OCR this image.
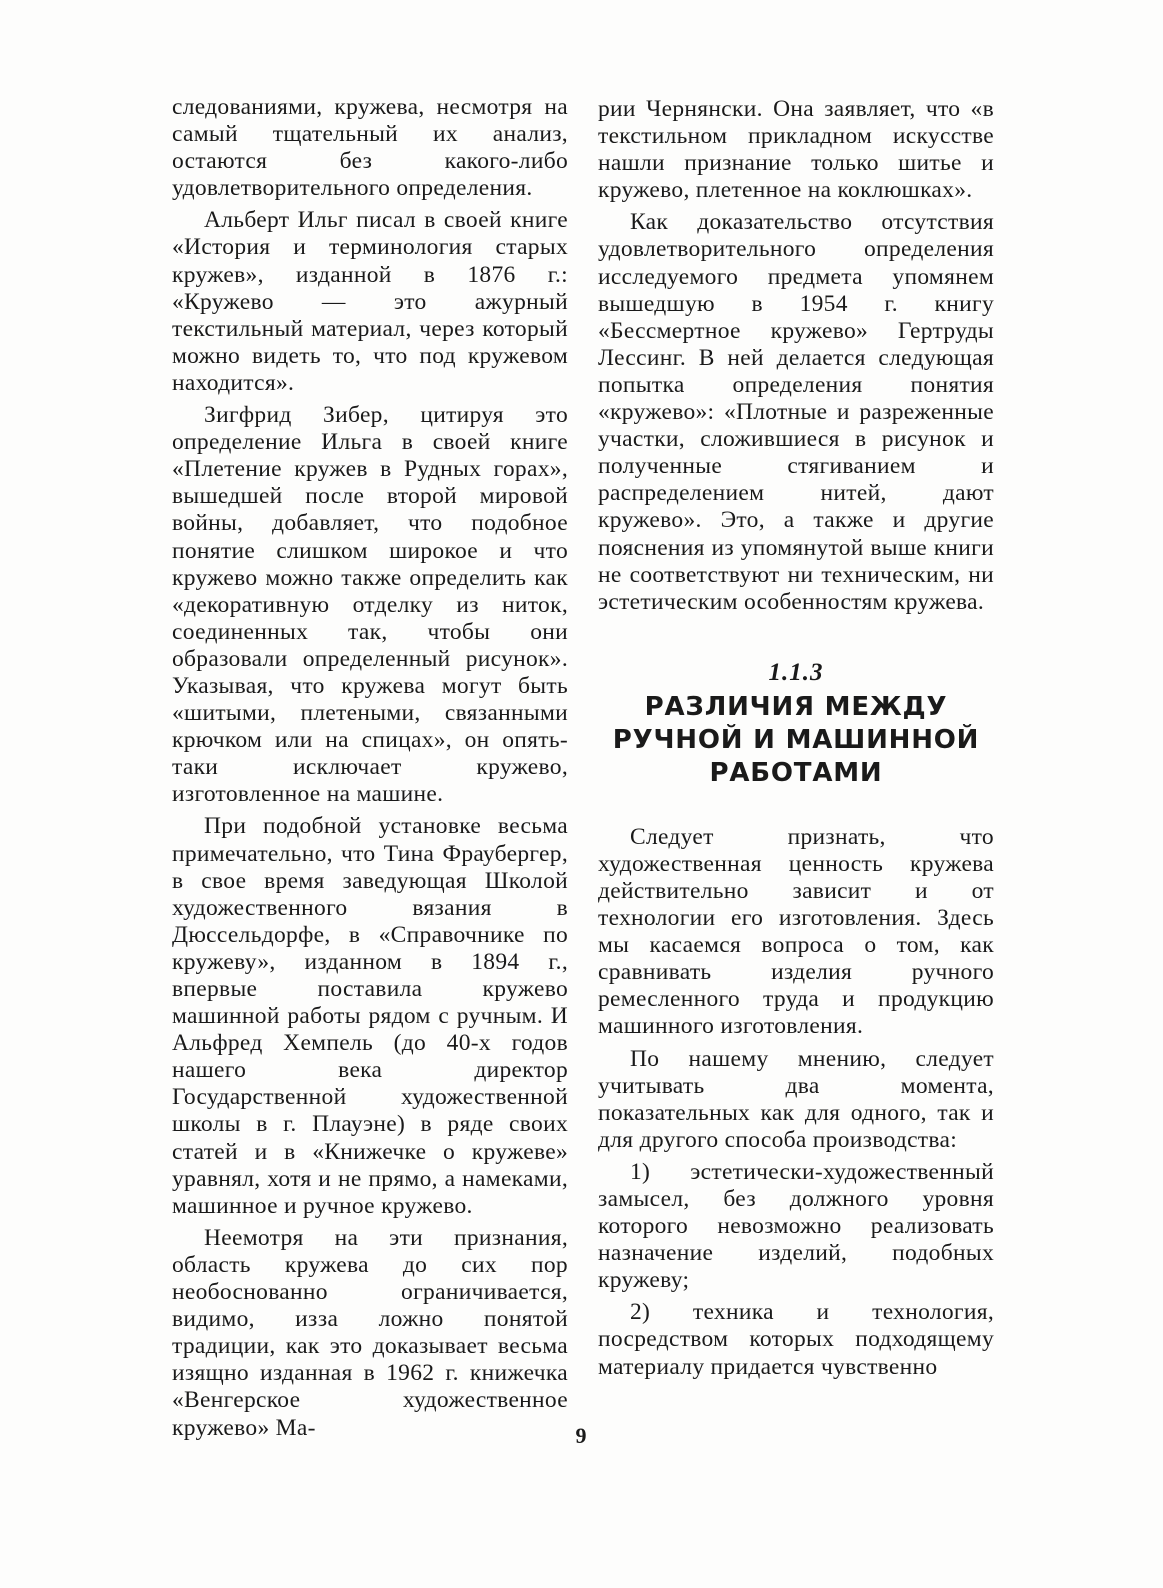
следованиями, кружева, несмотря на самый тщательный их анализ, остаются без какого-либо удовлетворительного определения.

Альберт Ильг писал в своей книге «История и терминология старых кружев», изданной в 1876 г.: «Кружево — это ажурный текстильный материал, через который можно видеть то, что под кружевом находится».

Зигфрид Зибер, цитируя это определение Ильга в своей книге «Плетение кружев в Рудных горах», вышедшей после второй мировой войны, добавляет, что подобное понятие слишком широкое и что кружево можно также определить как «декоративную отделку из ниток, соединенных так, чтобы они образовали определенный рисунок». Указывая, что кружева могут быть «шитыми, плетеными, связанными крючком или на спицах», он опять-таки исключает кружево, изготовленное на машине.

При подобной установке весьма примечательно, что Тина Фраубергер, в свое время заведующая Школой художественного вязания в Дюссельдорфе, в «Справочнике по кружеву», изданном в 1894 г., впервые поставила кружево машинной работы рядом с ручным. И Альфред Хемпель (до 40-х годов нашего века директор Государственной художественной школы в г. Плауэне) в ряде своих статей и в «Книжечке о кружеве» уравнял, хотя и не прямо, а намеками, машинное и ручное кружево.

Неемотря на эти признания, область кружева до сих пор необоснованно ограничивается, видимо, изза ложно понятой традиции, как это доказывает весьма изящно изданная в 1962 г. книжечка «Венгерское художественное кружево» Ма-

рии Чернянски. Она заявляет, что «в текстильном прикладном искусстве нашли признание только шитье и кружево, плетенное на коклюшках».

Как доказательство отсутствия удовлетворительного определения исследуемого предмета упомянем вышедшую в 1954 г. книгу «Бессмертное кружево» Гертруды Лессинг. В ней делается следующая попытка определения понятия «кружево»: «Плотные и разреженные участки, сложившиеся в рисунок и полученные стягиванием и распределением нитей, дают кружево». Это, а также и другие пояснения из упомянутой выше книги не соответствуют ни техническим, ни эстетическим особенностям кружева.

1.1.3
РАЗЛИЧИЯ МЕЖДУ
РУЧНОЙ И МАШИННОЙ
РАБОТАМИ

Следует признать, что художественная ценность кружева действительно зависит и от технологии его изготовления. Здесь мы касаемся вопроса о том, как сравнивать изделия ручного ремесленного труда и продукцию машинного изготовления.

По нашему мнению, следует учитывать два момента, показательных как для одного, так и для другого способа производства:

1) эстетически-художественный замысел, без должного уровня которого невозможно реализовать назначение изделий, подобных кружеву;

2) техника и технология, посредством которых подходящему материалу придается чувственно

9
